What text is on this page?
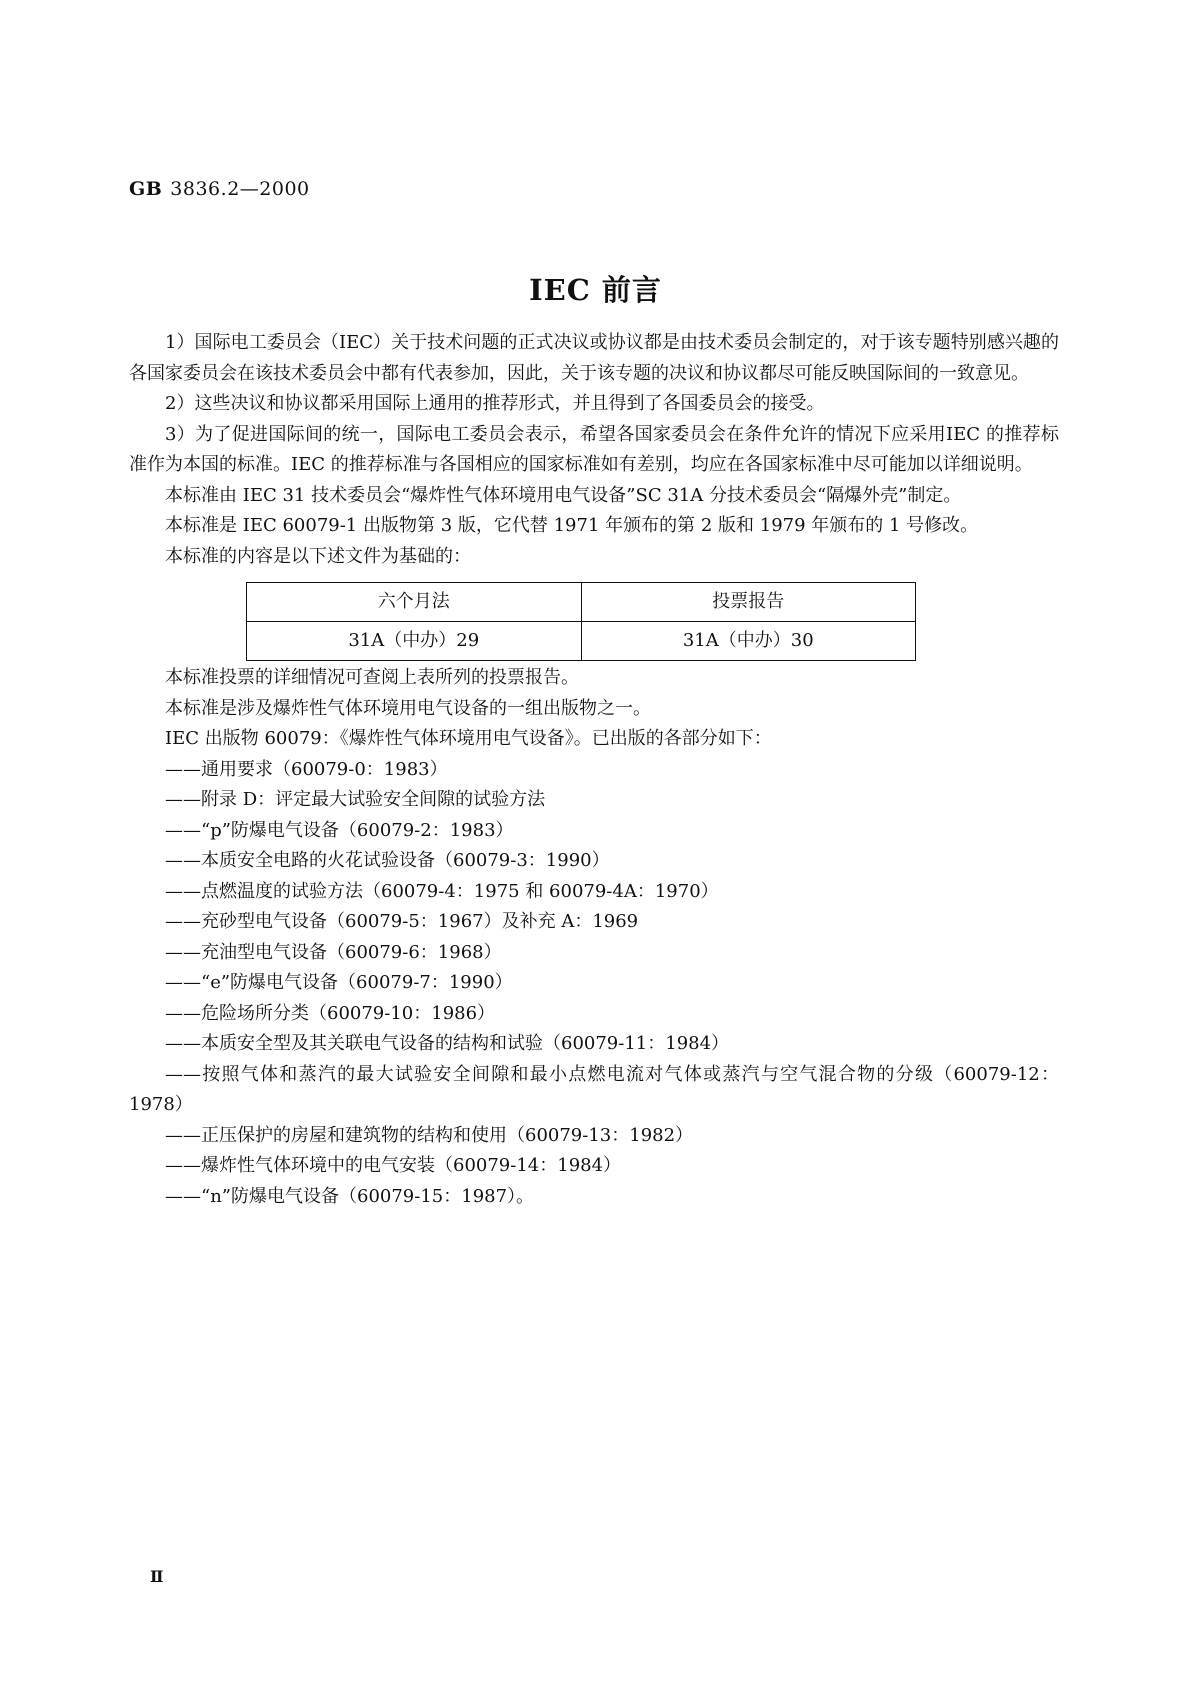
GB 3836.2—2000
IEC 前言

1）国际电工委员会（IEC）关于技术问题的正式决议或协议都是由技术委员会制定的，对于该专题特别感兴趣的各国家委员会在该技术委员会中都有代表参加，因此，关于该专题的决议和协议都尽可能反映国际间的一致意见。

2）这些决议和协议都采用国际上通用的推荐形式，并且得到了各国委员会的接受。

3）为了促进国际间的统一，国际电工委员会表示，希望各国家委员会在条件允许的情况下应采用IEC 的推荐标准作为本国的标准。IEC 的推荐标准与各国相应的国家标准如有差别，均应在各国家标准中尽可能加以详细说明。

本标准由 IEC 31 技术委员会“爆炸性气体环境用电气设备”SC 31A 分技术委员会“隔爆外壳”制定。

本标准是 IEC 60079-1 出版物第 3 版，它代替 1971 年颁布的第 2 版和 1979 年颁布的 1 号修改。

本标准的内容是以下述文件为基础的：

六个月法	投票报告
31A（中办）29	31A（中办）30

本标准投票的详细情况可查阅上表所列的投票报告。

本标准是涉及爆炸性气体环境用电气设备的一组出版物之一。

IEC 出版物 60079：《爆炸性气体环境用电气设备》。已出版的各部分如下：

——通用要求（60079-0：1983）

——附录 D：评定最大试验安全间隙的试验方法

——“p”防爆电气设备（60079-2：1983）

——本质安全电路的火花试验设备（60079-3：1990）

——点燃温度的试验方法（60079-4：1975 和 60079-4A：1970）

——充砂型电气设备（60079-5：1967）及补充 A：1969

——充油型电气设备（60079-6：1968）

——“e”防爆电气设备（60079-7：1990）

——危险场所分类（60079-10：1986）

——本质安全型及其关联电气设备的结构和试验（60079-11：1984）

——按照气体和蒸汽的最大试验安全间隙和最小点燃电流对气体或蒸汽与空气混合物的分级（60079-12：1978）

——正压保护的房屋和建筑物的结构和使用（60079-13：1982）

——爆炸性气体环境中的电气安装（60079-14：1984）

——“n”防爆电气设备（60079-15：1987）。

Ⅱ
